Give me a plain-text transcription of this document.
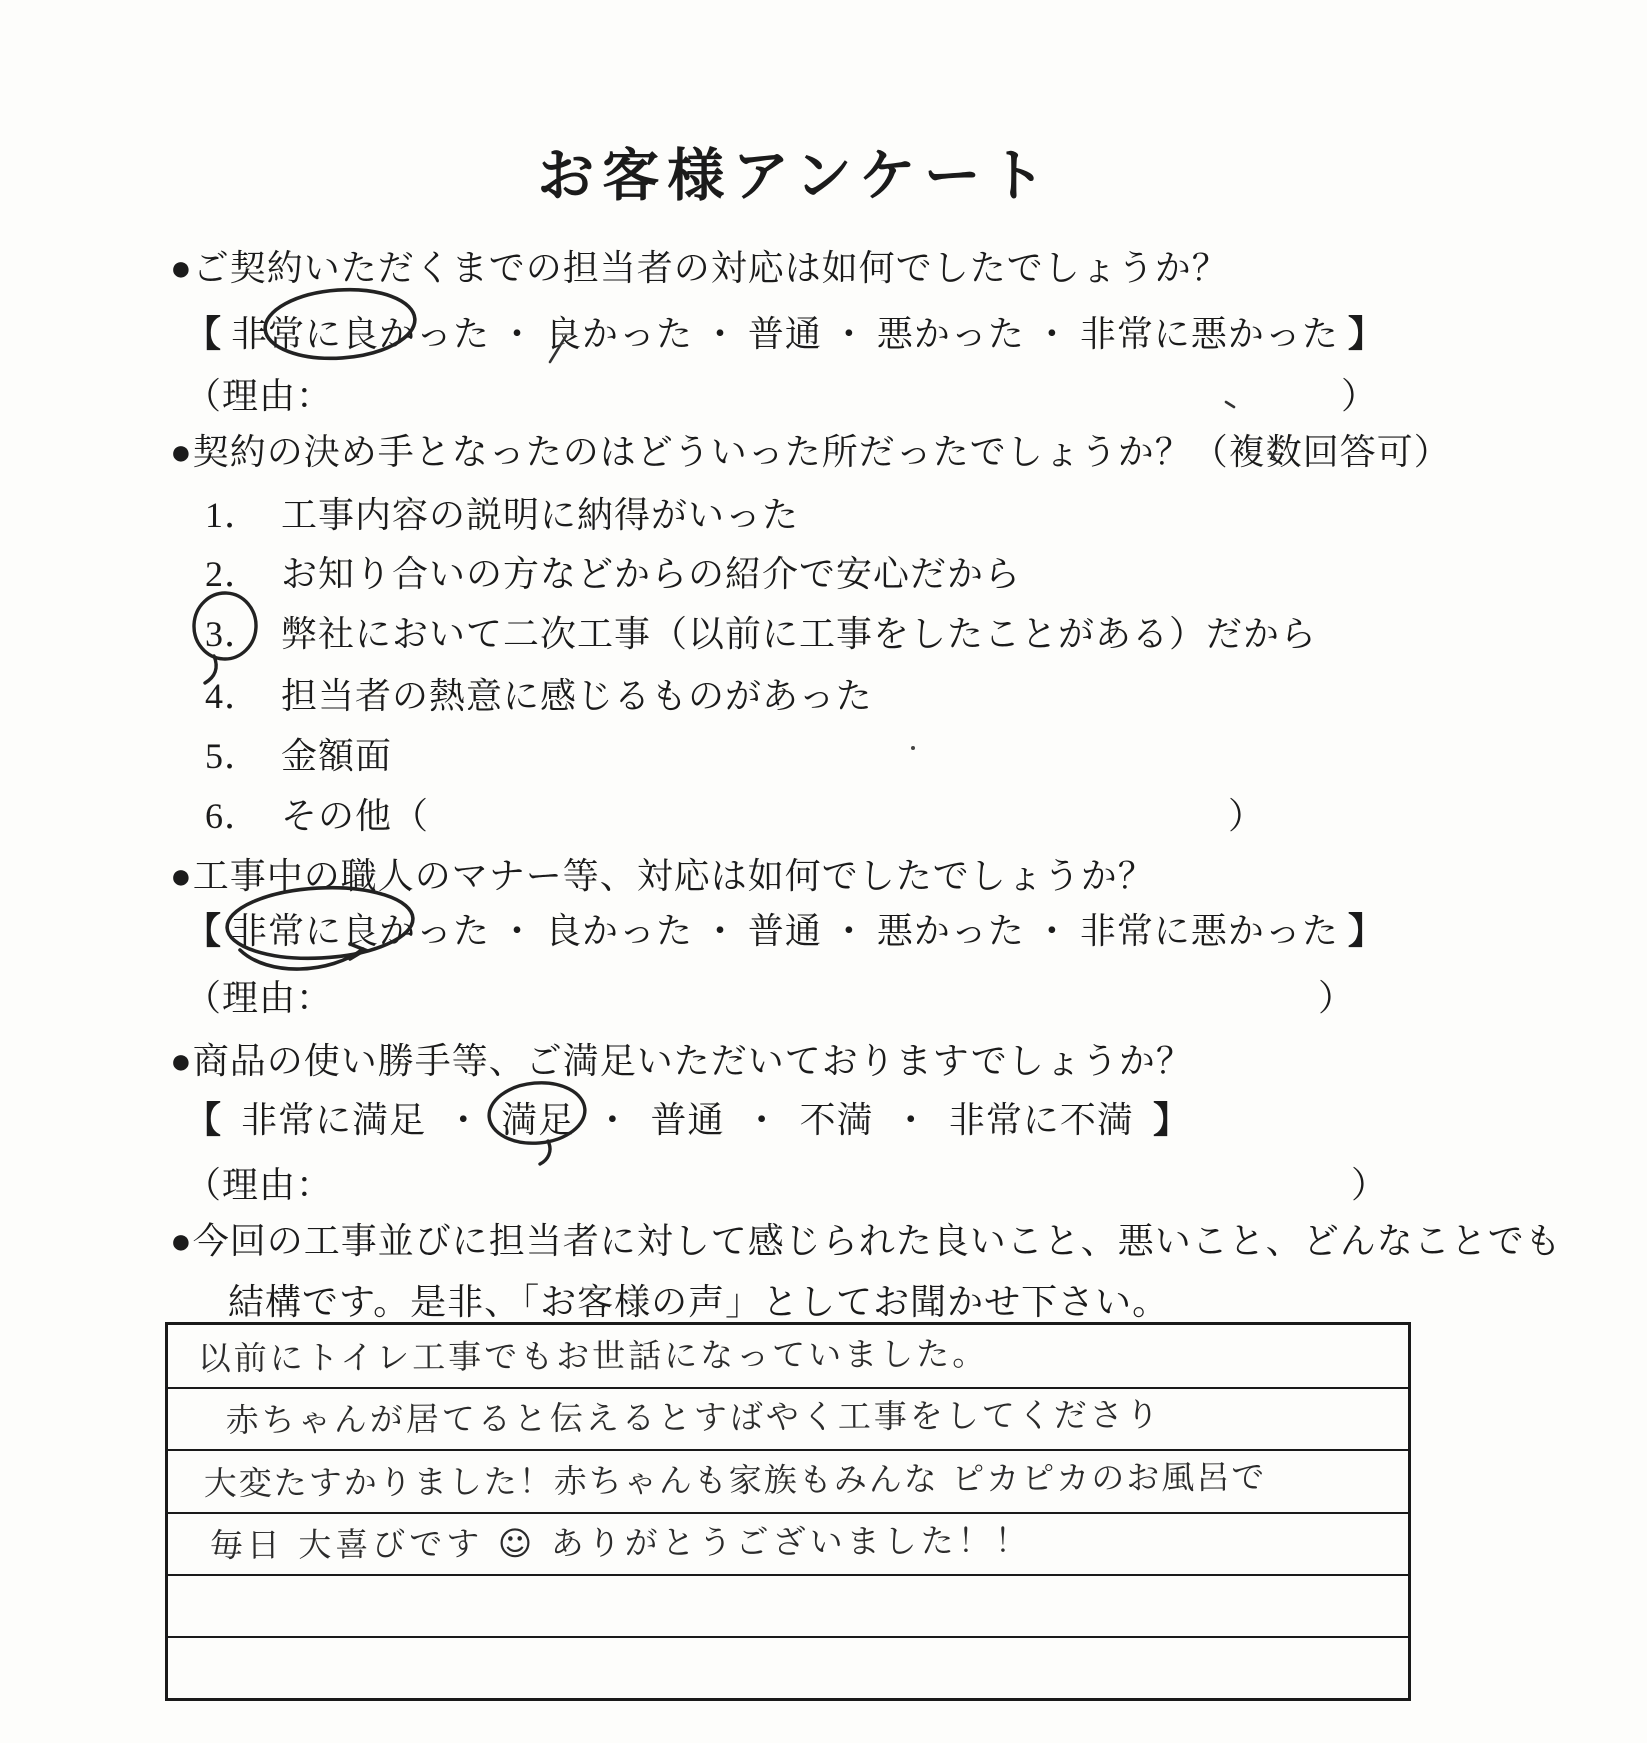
お客様アンケート
●ご契約いただくまでの担当者の対応は如何でしたでしょうか？
【 非常に良かった ・ 良かった ・ 普通 ・ 悪かった ・ 非常に悪かった 】
（理由：	）
●契約の決め手となったのはどういった所だったでしょうか？（複数回答可）
1． 工事内容の説明に納得がいった
2． お知り合いの方などからの紹介で安心だから
3． 弊社において二次工事（以前に工事をしたことがある）だから
4． 担当者の熱意に感じるものがあった
5． 金額面
6． その他（	）
●工事中の職人のマナー等、対応は如何でしたでしょうか？
【 非常に良かった ・ 良かった ・ 普通 ・ 悪かった ・ 非常に悪かった 】
（理由：	）
●商品の使い勝手等、ご満足いただいておりますでしょうか？
【 非常に満足 ・ 満足 ・ 普通 ・ 不満 ・ 非常に不満 】
（理由：	）
●今回の工事並びに担当者に対して感じられた良いこと、悪いこと、どんなことでも
結構です。是非、「お客様の声」としてお聞かせ下さい。
以前にトイレ工事でもお世話になっていました。
赤ちゃんが居てると伝えるとすばやく工事をしてくださり
大変たすかりました！赤ちゃんも家族もみんな ピカピカのお風呂で
毎日 大喜びです ☺ ありがとうございました！！
